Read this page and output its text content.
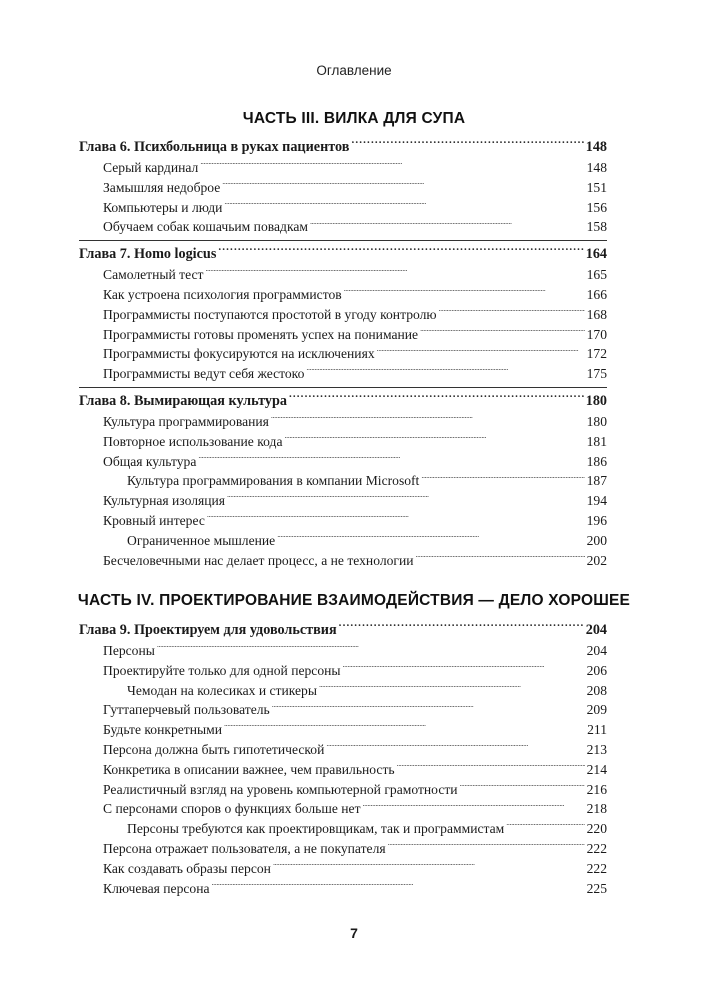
Оглавление
ЧАСТЬ III. ВИЛКА ДЛЯ СУПА
Глава 6. Психбольница в руках пациентов . . .	148
Серый кардинал . . .	148
Замышляя недоброе . . .	151
Компьютеры и люди . . .	156
Обучаем собак кошачьим повадкам . . .	158
Глава 7. Homo logicus . . .	164
Самолетный тест . . .	165
Как устроена психология программистов . . .	166
Программисты поступаются простотой в угоду контролю . . .	168
Программисты готовы променять успех на понимание . . .	170
Программисты фокусируются на исключениях . . .	172
Программисты ведут себя жестоко . . .	175
Глава 8. Вымирающая культура . . .	180
Культура программирования . . .	180
Повторное использование кода . . .	181
Общая культура . . .	186
Культура программирования в компании Microsoft . . .	187
Культурная изоляция . . .	194
Кровный интерес . . .	196
Ограниченное мышление . . .	200
Бесчеловечными нас делает процесс, а не технологии . . .	202
ЧАСТЬ IV. ПРОЕКТИРОВАНИЕ ВЗАИМОДЕЙСТВИЯ — ДЕЛО ХОРОШЕЕ
Глава 9. Проектируем для удовольствия . . .	204
Персоны . . .	204
Проектируйте только для одной персоны . . .	206
Чемодан на колесиках и стикеры . . .	208
Гуттаперчевый пользователь . . .	209
Будьте конкретными . . .	211
Персона должна быть гипотетической . . .	213
Конкретика в описании важнее, чем правильность . . .	214
Реалистичный взгляд на уровень компьютерной грамотности . . .	216
С персонами споров о функциях больше нет . . .	218
Персоны требуются как проектировщикам, так и программистам . . .	220
Персона отражает пользователя, а не покупателя . . .	222
Как создавать образы персон . . .	222
Ключевая персона . . .	225
7
